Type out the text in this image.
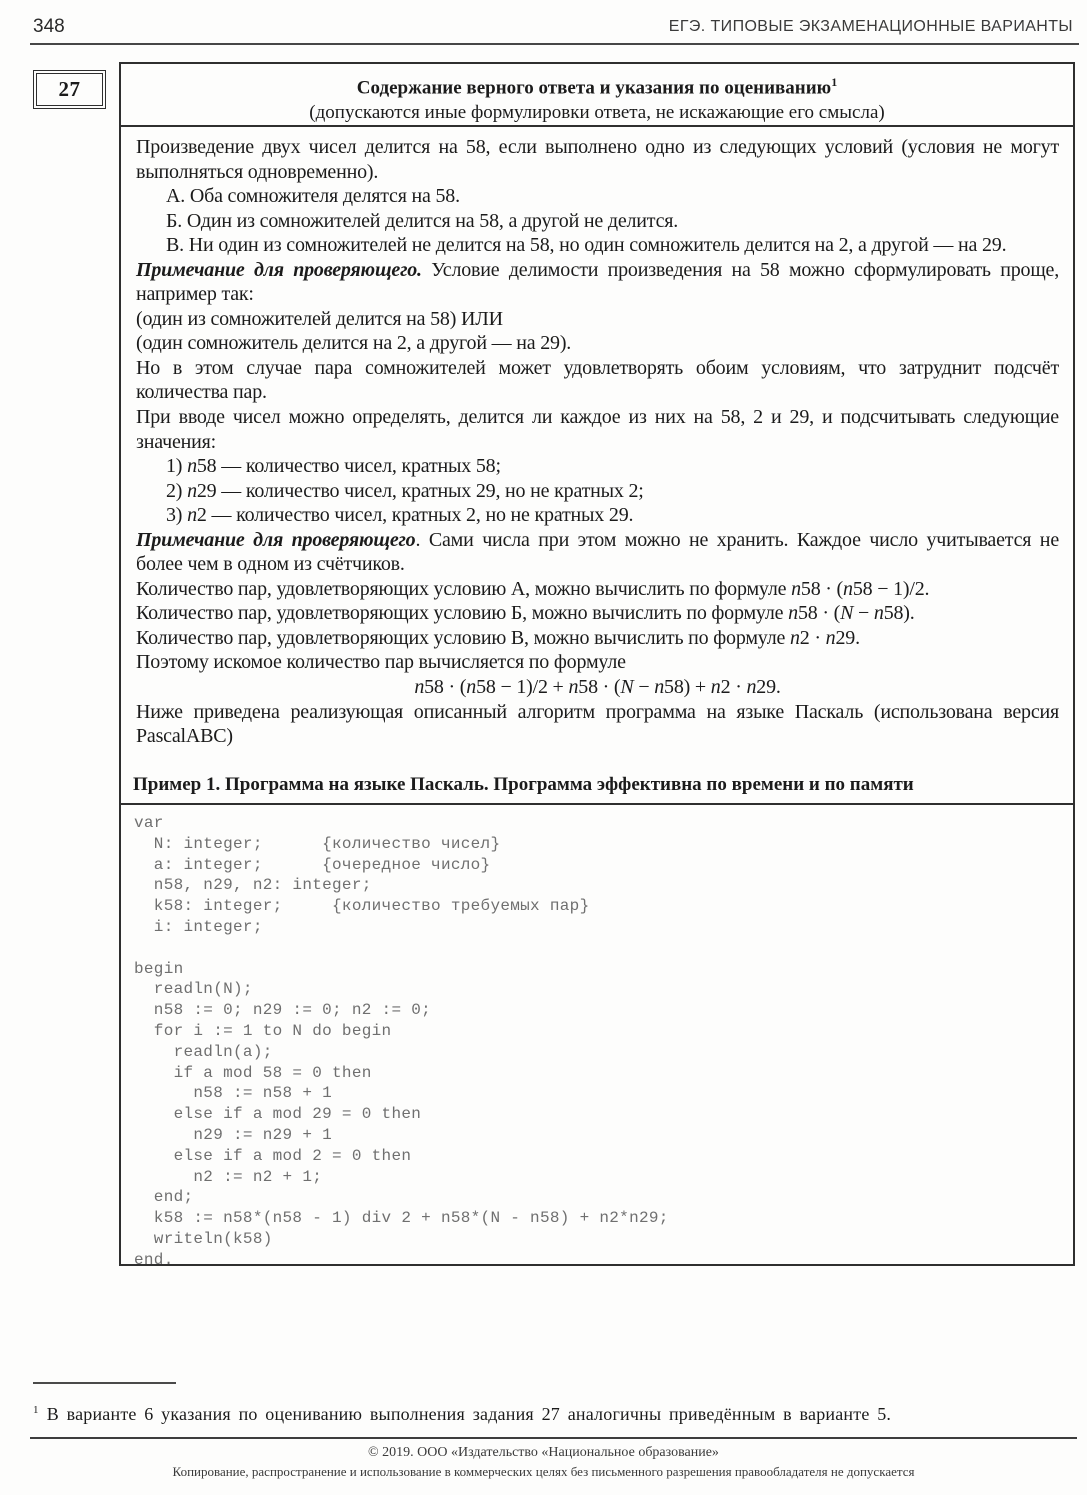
348	ЕГЭ. ТИПОВЫЕ ЭКЗАМЕНАЦИОННЫЕ ВАРИАНТЫ
27	Содержание верного ответа и указания по оцениванию$^1$
(допускаются иные формулировки ответа, не искажающие его смысла)

Произведение двух чисел делится на 58, если выполнено одно из следующих условий (условия не могут выполняться одновременно).

А. Оба сомножителя делятся на 58.

Б. Один из сомножителей делится на 58, а другой не делится.

В. Ни один из сомножителей не делится на 58, но один сомножитель делится на 2, а другой — на 29.

Примечание для проверяющего. Условие делимости произведения на 58 можно сформулировать проще, например так:

(один из сомножителей делится на 58) ИЛИ

(один сомножитель делится на 2, а другой — на 29).

Но в этом случае пара сомножителей может удовлетворять обоим условиям, что затруднит подсчёт количества пар.

При вводе чисел можно определять, делится ли каждое из них на 58, 2 и 29, и подсчитывать следующие значения:

1) n58 — количество чисел, кратных 58;

2) n29 — количество чисел, кратных 29, но не кратных 2;

3) n2 — количество чисел, кратных 2, но не кратных 29.

Примечание для проверяющего. Сами числа при этом можно не хранить. Каждое число учитывается не более чем в одном из счётчиков.

Количество пар, удовлетворяющих условию А, можно вычислить по формуле n58 · (n58 − 1)/2.

Количество пар, удовлетворяющих условию Б, можно вычислить по формуле n58 · (N − n58).

Количество пар, удовлетворяющих условию В, можно вычислить по формуле n2 · n29.

Поэтому искомое количество пар вычисляется по формуле

n58 · (n58 − 1)/2 + n58 · (N − n58) + n2 · n29.

Ниже приведена реализующая описанный алгоритм программа на языке Паскаль (использована версия PascalABC)

Пример 1. Программа на языке Паскаль. Программа эффективна по времени и по памяти
var
N: integer;      {количество чисел}
a: integer;      {очередное число}
n58, n29, n2: integer;
k58: integer;     {количество требуемых пар}
i: integer;

begin
readln(N);
n58 := 0; n29 := 0; n2 := 0;
for i := 1 to N do begin
readln(a);
if a mod 58 = 0 then
n58 := n58 + 1
else if a mod 29 = 0 then
n29 := n29 + 1
else if a mod 2 = 0 then
n2 := n2 + 1;
end;
k58 := n58*(n58 - 1) div 2 + n58*(N - n58) + n2*n29;
writeln(k58)
end.
$^1$ В варианте 6 указания по оцениванию выполнения задания 27 аналогичны приведённым в варианте 5.
© 2019. ООО «Издательство «Национальное образование»
Копирование, распространение и использование в коммерческих целях без письменного разрешения правообладателя не допускается
